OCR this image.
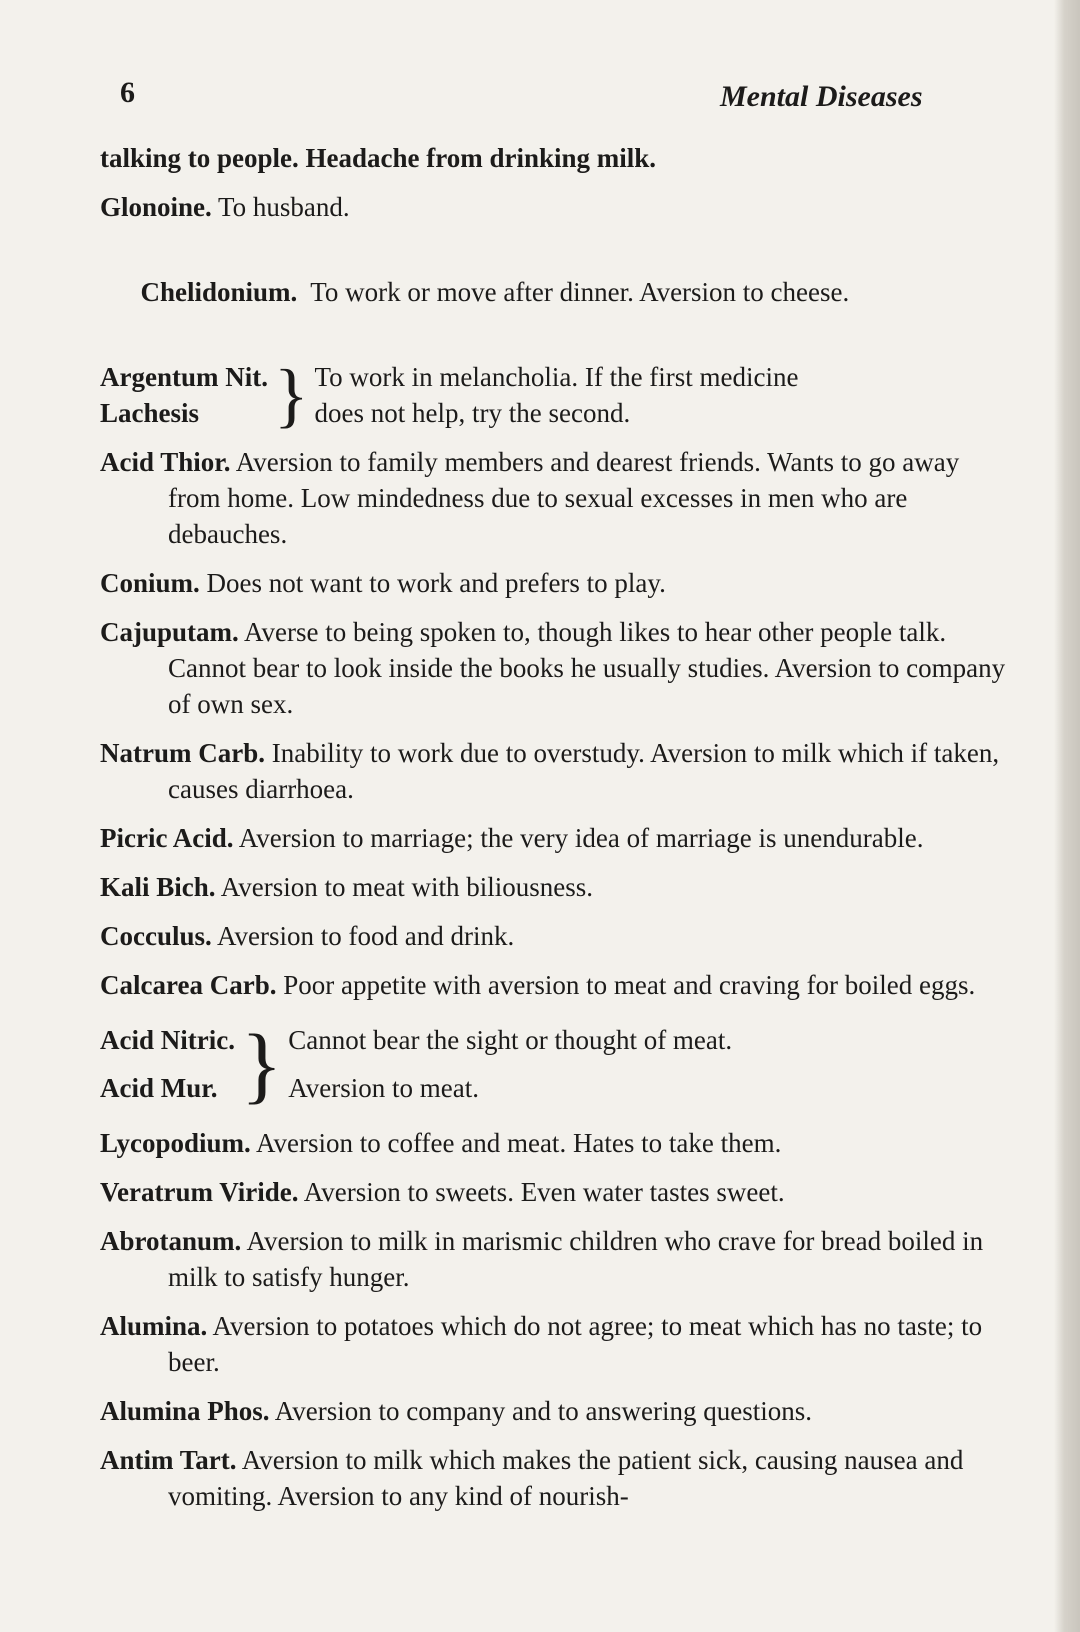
6	Mental Diseases
talking to people. Headache from drinking milk.
Glonoine. To husband.

Chelidonium.  To work or move after dinner. Aversion to cheese.

Argentum Nit.
Lachesis	} To work in melancholia. If the first medicine
does not help, try the second.
Acid Thior. Aversion to family members and dearest friends. Wants to go away from home. Low mindedness due to sexual excesses in men who are debauches.
Conium. Does not want to work and prefers to play.
Cajuputam. Averse to being spoken to, though likes to hear other people talk. Cannot bear to look inside the books he usually studies. Aversion to company of own sex.
Natrum Carb. Inability to work due to overstudy. Aversion to milk which if taken, causes diarrhoea.
Picric Acid. Aversion to marriage; the very idea of marriage is unendurable.
Kali Bich. Aversion to meat with biliousness.
Cocculus. Aversion to food and drink.
Calcarea Carb. Poor appetite with aversion to meat and craving for boiled eggs.
Acid Nitric.
Acid Mur. } Cannot bear the sight or thought of meat.
Aversion to meat.
Lycopodium. Aversion to coffee and meat. Hates to take them.
Veratrum Viride. Aversion to sweets. Even water tastes sweet.
Abrotanum. Aversion to milk in marismic children who crave for bread boiled in milk to satisfy hunger.
Alumina. Aversion to potatoes which do not agree; to meat which has no taste; to beer.
Alumina Phos. Aversion to company and to answering questions.
Antim Tart. Aversion to milk which makes the patient sick, causing nausea and vomiting. Aversion to any kind of nourish-
